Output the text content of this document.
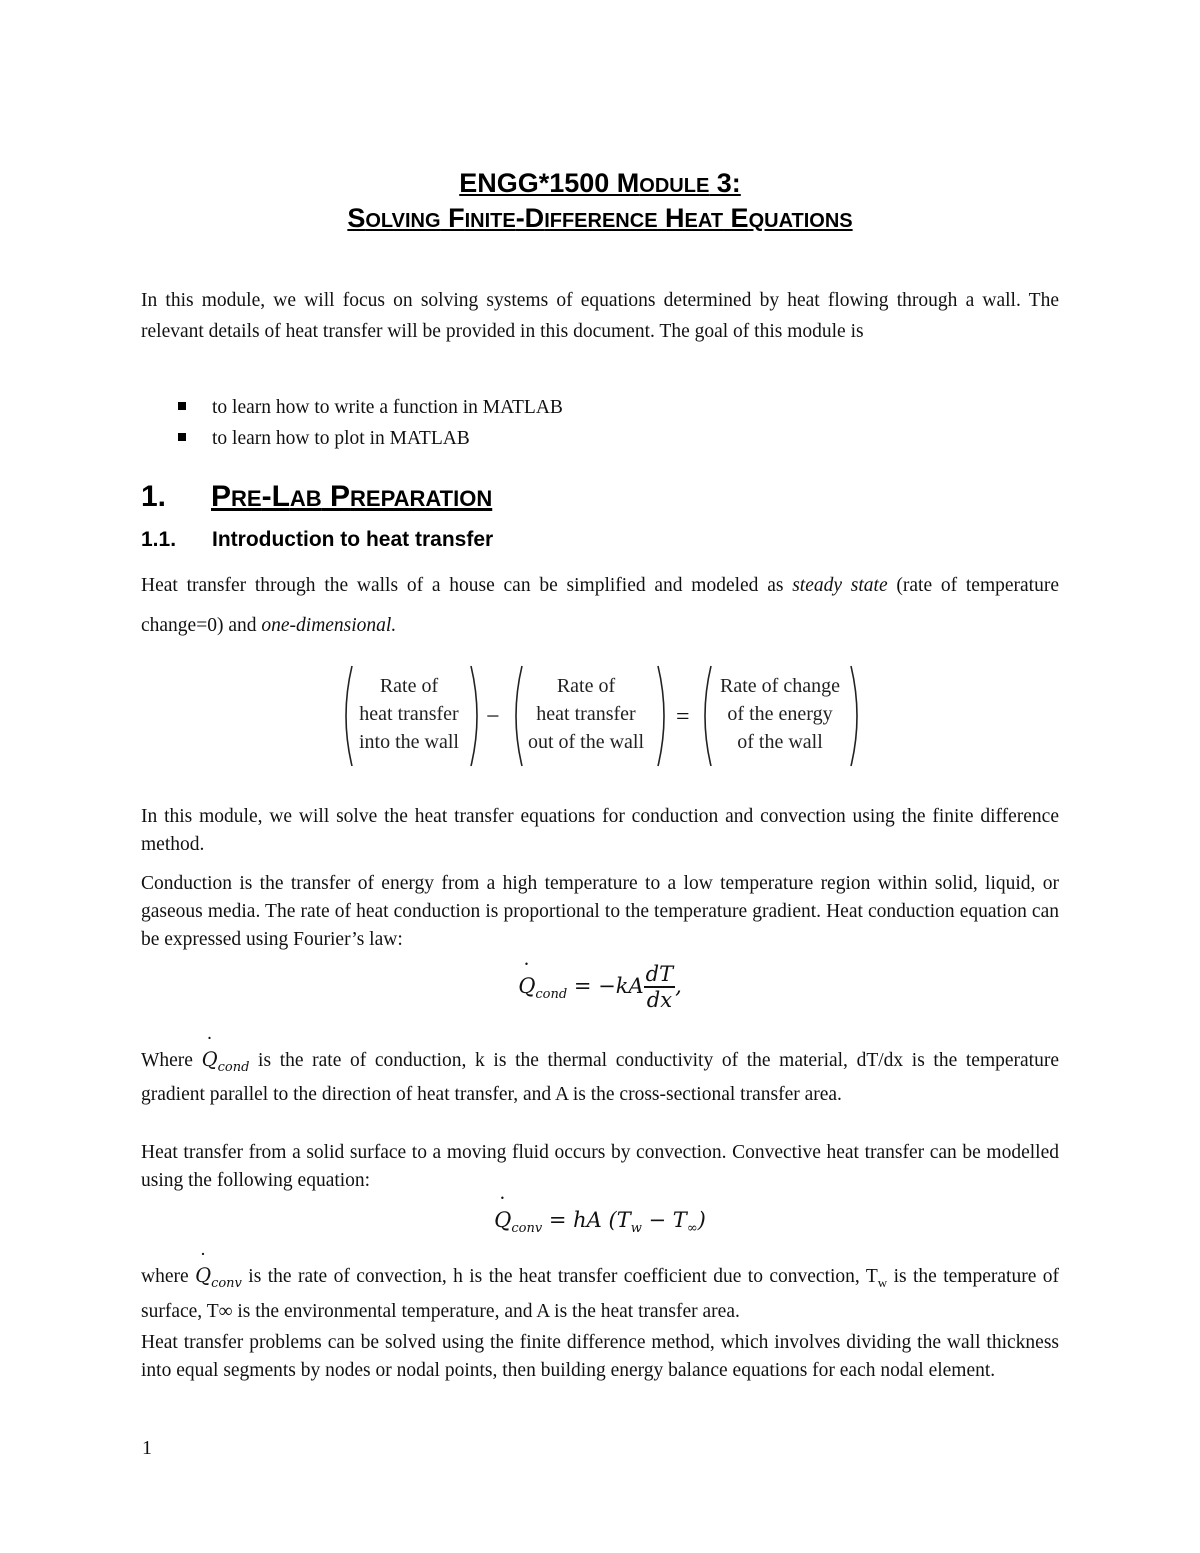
ENGG*1500 MODULE 3:
SOLVING FINITE-DIFFERENCE HEAT EQUATIONS

In this module, we will focus on solving systems of equations determined by heat flowing through a wall. The relevant details of heat transfer will be provided in this document. The goal of this module is

to learn how to write a function in MATLAB
to learn how to plot in MATLAB
1. PRE-LAB PREPARATION
1.1. Introduction to heat transfer

Heat transfer through the walls of a house can be simplified and modeled as steady state (rate of temperature change=0) and one-dimensional.

Rate of
heat transfer
into the wall
−
Rate of
heat transfer
out of the wall
=
Rate of change
of the energy
of the wall

In this module, we will solve the heat transfer equations for conduction and convection using the finite difference method.

Conduction is the transfer of energy from a high temperature to a low temperature region within solid, liquid, or gaseous media. The rate of heat conduction is proportional to the temperature gradient. Heat conduction equation can be expressed using Fourier’s law:

˙ $Q_{cond} = -kA \frac{dT}{dx}$ ,

Where ˙ $Q_{cond}$ is the rate of conduction, k is the thermal conductivity of the material, dT/dx is the temperature gradient parallel to the direction of heat transfer, and A is the cross-sectional transfer area.

Heat transfer from a solid surface to a moving fluid occurs by convection. Convective heat transfer can be modelled using the following equation:

˙ $Q_{conv}$ = hA $(T_w - T_\infty)$

where ˙ $Q_{conv}$ is the rate of convection, h is the heat transfer coefficient due to convection, $T_w$ is the temperature of surface, T∞ is the environmental temperature, and A is the heat transfer area.

Heat transfer problems can be solved using the finite difference method, which involves dividing the wall thickness into equal segments by nodes or nodal points, then building energy balance equations for each nodal element.

1
